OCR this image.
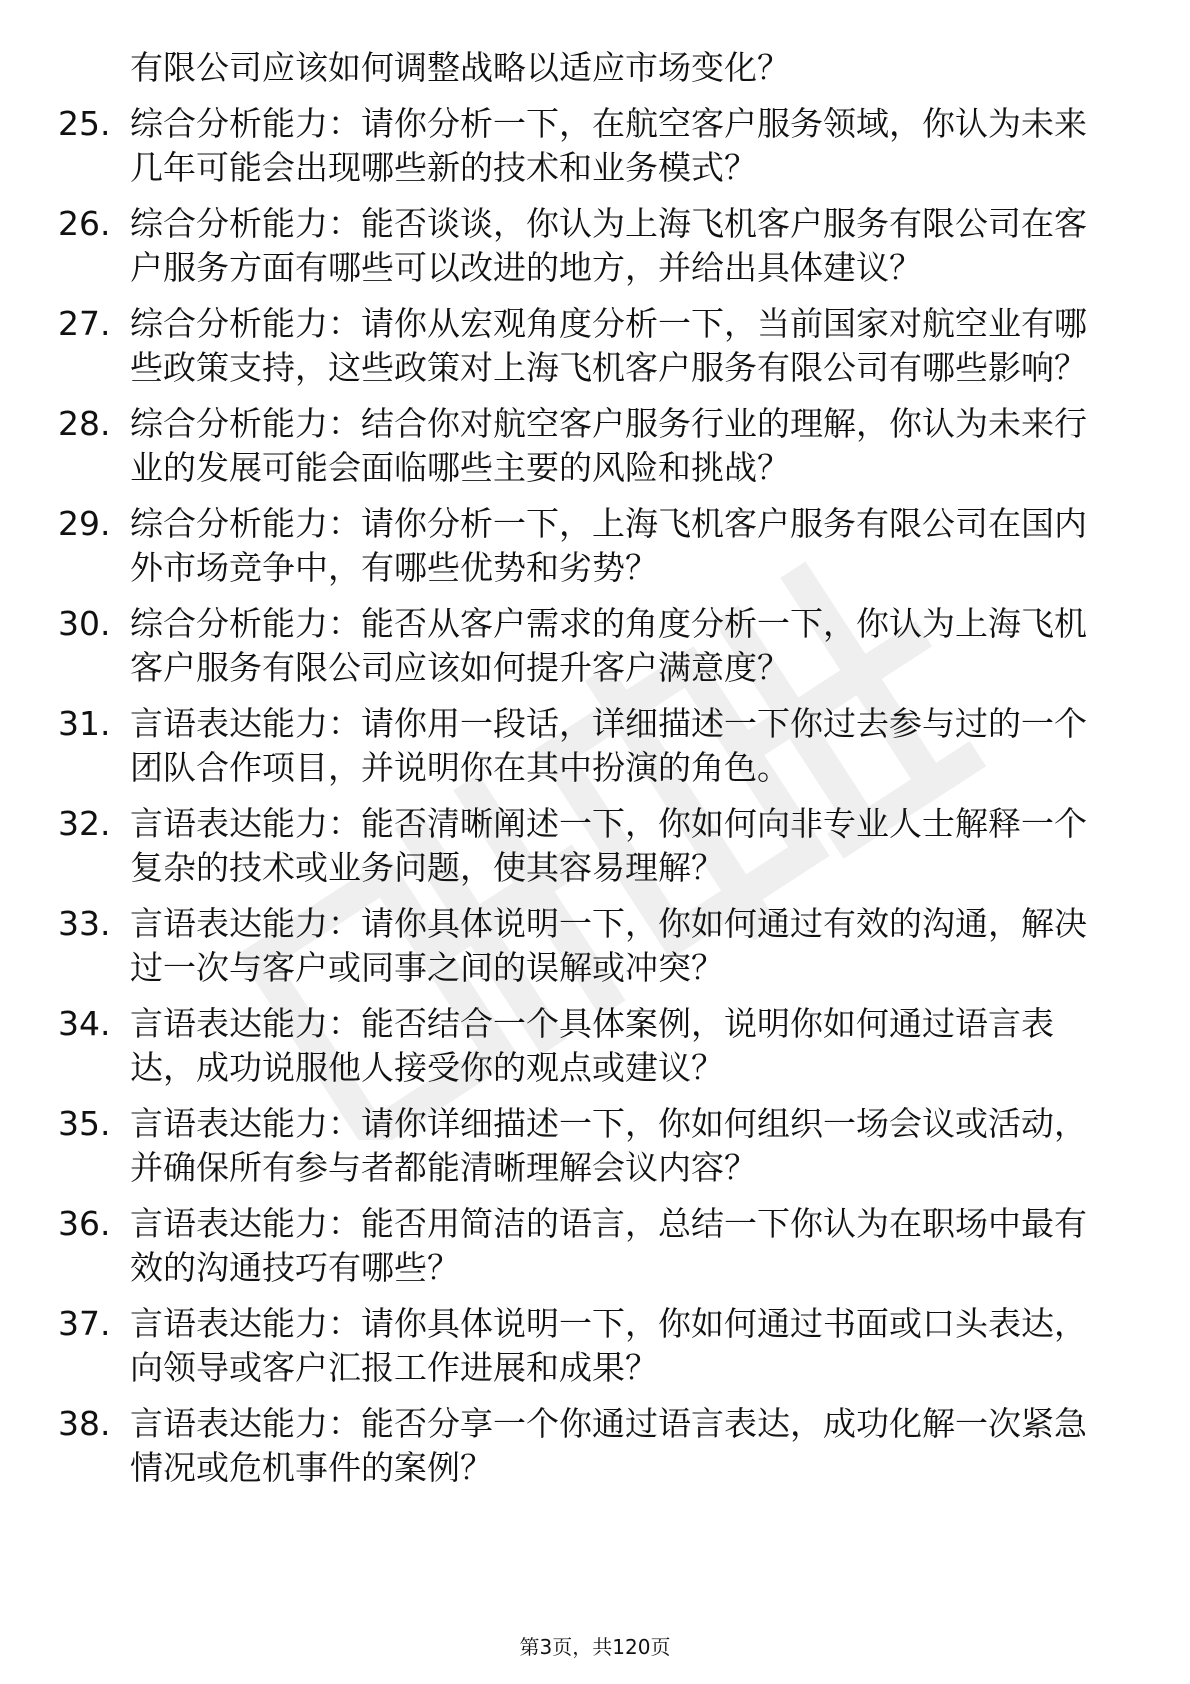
有限公司应该如何调整战略以适应市场变化？
25. 综合分析能力：请你分析一下，在航空客户服务领域，你认为未来几年可能会出现哪些新的技术和业务模式？
26. 综合分析能力：能否谈谈，你认为上海飞机客户服务有限公司在客户服务方面有哪些可以改进的地方，并给出具体建议？
27. 综合分析能力：请你从宏观角度分析一下，当前国家对航空业有哪些政策支持，这些政策对上海飞机客户服务有限公司有哪些影响？
28. 综合分析能力：结合你对航空客户服务行业的理解，你认为未来行业的发展可能会面临哪些主要的风险和挑战？
29. 综合分析能力：请你分析一下，上海飞机客户服务有限公司在国内外市场竞争中，有哪些优势和劣势？
30. 综合分析能力：能否从客户需求的角度分析一下，你认为上海飞机客户服务有限公司应该如何提升客户满意度？
31. 言语表达能力：请你用一段话，详细描述一下你过去参与过的一个团队合作项目，并说明你在其中扮演的角色。
32. 言语表达能力：能否清晰阐述一下，你如何向非专业人士解释一个复杂的技术或业务问题，使其容易理解？
33. 言语表达能力：请你具体说明一下，你如何通过有效的沟通，解决过一次与客户或同事之间的误解或冲突？
34. 言语表达能力：能否结合一个具体案例，说明你如何通过语言表达，成功说服他人接受你的观点或建议？
35. 言语表达能力：请你详细描述一下，你如何组织一场会议或活动，并确保所有参与者都能清晰理解会议内容？
36. 言语表达能力：能否用简洁的语言，总结一下你认为在职场中最有效的沟通技巧有哪些？
37. 言语表达能力：请你具体说明一下，你如何通过书面或口头表达，向领导或客户汇报工作进展和成果？
38. 言语表达能力：能否分享一个你通过语言表达，成功化解一次紧急情况或危机事件的案例？
第3页，共120页
